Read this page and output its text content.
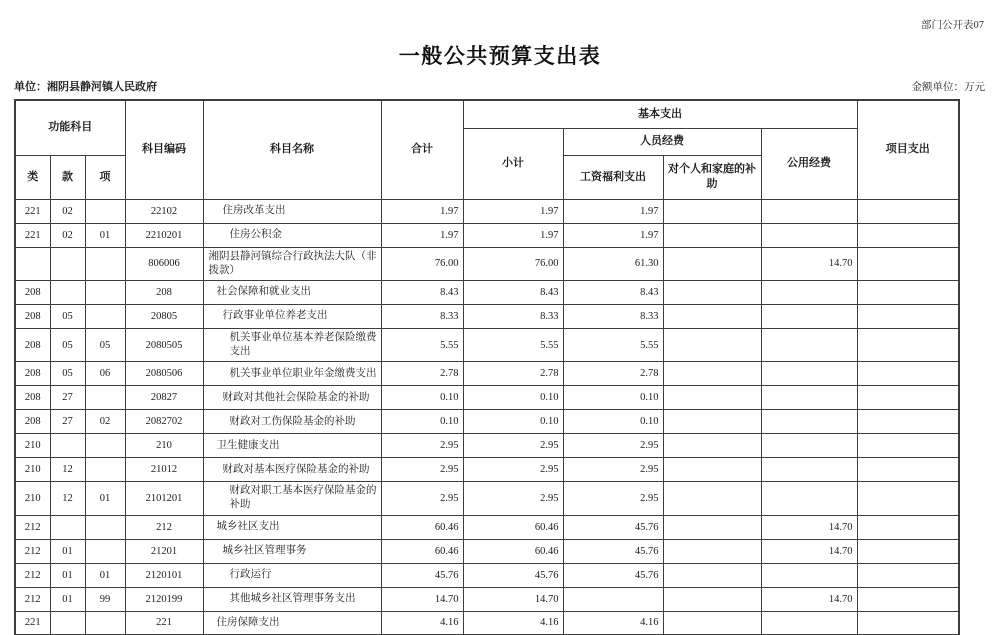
部门公开表07
一般公共预算支出表
单位：湘阴县静河镇人民政府	金额单位：万元
功能科目			科目编码	科目名称	合计	基本支出				项目支出
						小计	人员经费		公用经费	
类	款	项					工资福利支出	对个人和家庭的补助		
221	02		22102	住房改革支出	1.97	1.97	1.97			
221	02	01	2210201	住房公积金	1.97	1.97	1.97			
			806006	湘阴县静河镇综合行政执法大队（非拨款）	76.00	76.00	61.30		14.70	
208			208	社会保障和就业支出	8.43	8.43	8.43			
208	05		20805	行政事业单位养老支出	8.33	8.33	8.33			
208	05	05	2080505	机关事业单位基本养老保险缴费支出	5.55	5.55	5.55			
208	05	06	2080506	机关事业单位职业年金缴费支出	2.78	2.78	2.78			
208	27		20827	财政对其他社会保险基金的补助	0.10	0.10	0.10			
208	27	02	2082702	财政对工伤保险基金的补助	0.10	0.10	0.10			
210			210	卫生健康支出	2.95	2.95	2.95			
210	12		21012	财政对基本医疗保险基金的补助	2.95	2.95	2.95			
210	12	01	2101201	财政对职工基本医疗保险基金的补助	2.95	2.95	2.95			
212			212	城乡社区支出	60.46	60.46	45.76		14.70	
212	01		21201	城乡社区管理事务	60.46	60.46	45.76		14.70	
212	01	01	2120101	行政运行	45.76	45.76	45.76			
212	01	99	2120199	其他城乡社区管理事务支出	14.70	14.70			14.70	
221			221	住房保障支出	4.16	4.16	4.16			
